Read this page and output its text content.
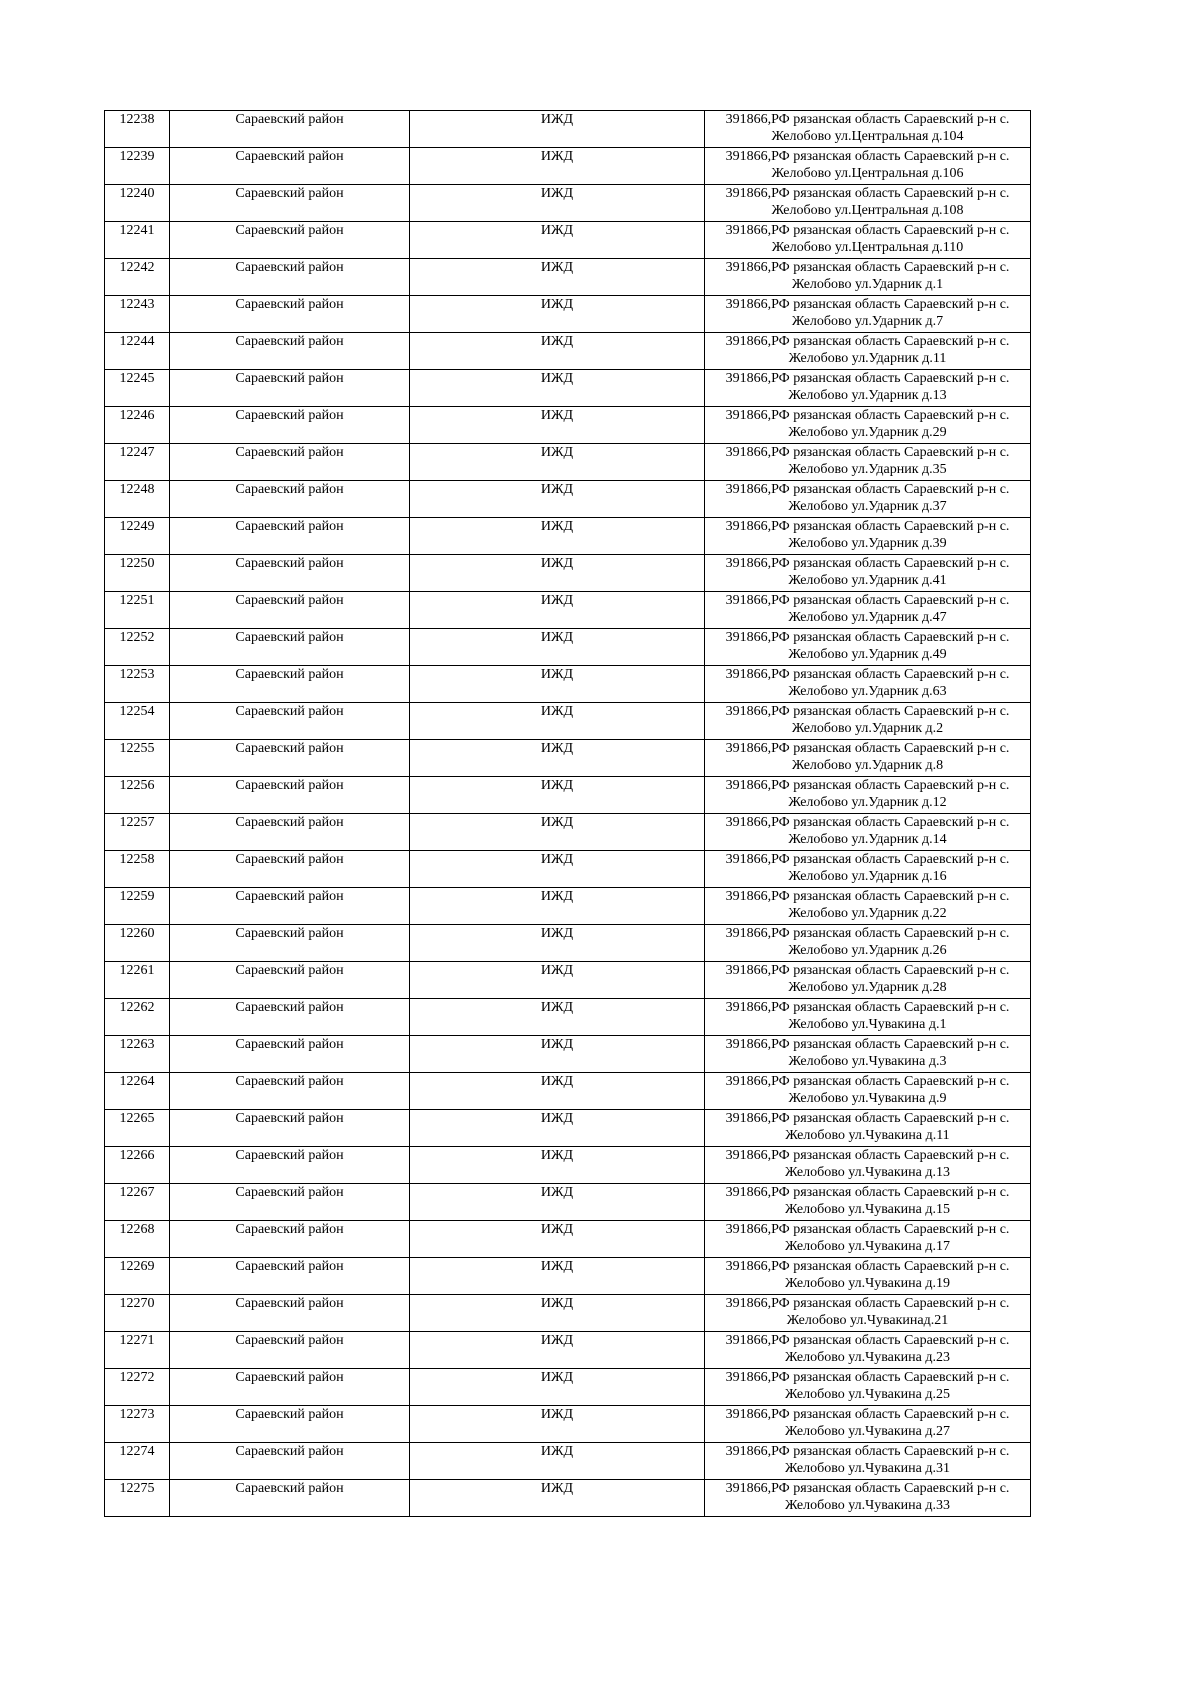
12238	Сараевский район	ИЖД	391866,РФ рязанская область Сараевский р-н с.
Желобово ул.Центральная д.104

12239	Сараевский район	ИЖД	391866,РФ рязанская область Сараевский р-н с.
Желобово ул.Центральная д.106

12240	Сараевский район	ИЖД	391866,РФ рязанская область Сараевский р-н с.
Желобово ул.Центральная д.108

12241	Сараевский район	ИЖД	391866,РФ рязанская область Сараевский р-н с.
Желобово ул.Центральная д.110

12242	Сараевский район	ИЖД	391866,РФ рязанская область Сараевский р-н с.
Желобово ул.Ударник д.1

12243	Сараевский район	ИЖД	391866,РФ рязанская область Сараевский р-н с.
Желобово ул.Ударник д.7

12244	Сараевский район	ИЖД	391866,РФ рязанская область Сараевский р-н с.
Желобово ул.Ударник д.11

12245	Сараевский район	ИЖД	391866,РФ рязанская область Сараевский р-н с.
Желобово ул.Ударник д.13

12246	Сараевский район	ИЖД	391866,РФ рязанская область Сараевский р-н с.
Желобово ул.Ударник д.29

12247	Сараевский район	ИЖД	391866,РФ рязанская область Сараевский р-н с.
Желобово ул.Ударник д.35

12248	Сараевский район	ИЖД	391866,РФ рязанская область Сараевский р-н с.
Желобово ул.Ударник д.37

12249	Сараевский район	ИЖД	391866,РФ рязанская область Сараевский р-н с.
Желобово ул.Ударник д.39

12250	Сараевский район	ИЖД	391866,РФ рязанская область Сараевский р-н с.
Желобово ул.Ударник д.41

12251	Сараевский район	ИЖД	391866,РФ рязанская область Сараевский р-н с.
Желобово ул.Ударник д.47

12252	Сараевский район	ИЖД	391866,РФ рязанская область Сараевский р-н с.
Желобово ул.Ударник д.49

12253	Сараевский район	ИЖД	391866,РФ рязанская область Сараевский р-н с.
Желобово ул.Ударник д.63

12254	Сараевский район	ИЖД	391866,РФ рязанская область Сараевский р-н с.
Желобово ул.Ударник д.2

12255	Сараевский район	ИЖД	391866,РФ рязанская область Сараевский р-н с.
Желобово ул.Ударник д.8

12256	Сараевский район	ИЖД	391866,РФ рязанская область Сараевский р-н с.
Желобово ул.Ударник д.12

12257	Сараевский район	ИЖД	391866,РФ рязанская область Сараевский р-н с.
Желобово ул.Ударник д.14

12258	Сараевский район	ИЖД	391866,РФ рязанская область Сараевский р-н с.
Желобово ул.Ударник д.16

12259	Сараевский район	ИЖД	391866,РФ рязанская область Сараевский р-н с.
Желобово ул.Ударник д.22

12260	Сараевский район	ИЖД	391866,РФ рязанская область Сараевский р-н с.
Желобово ул.Ударник д.26

12261	Сараевский район	ИЖД	391866,РФ рязанская область Сараевский р-н с.
Желобово ул.Ударник д.28

12262	Сараевский район	ИЖД	391866,РФ рязанская область Сараевский р-н с.
Желобово ул.Чувакина д.1

12263	Сараевский район	ИЖД	391866,РФ рязанская область Сараевский р-н с.
Желобово ул.Чувакина д.3

12264	Сараевский район	ИЖД	391866,РФ рязанская область Сараевский р-н с.
Желобово ул.Чувакина д.9

12265	Сараевский район	ИЖД	391866,РФ рязанская область Сараевский р-н с.
Желобово ул.Чувакина д.11

12266	Сараевский район	ИЖД	391866,РФ рязанская область Сараевский р-н с.
Желобово ул.Чувакина д.13

12267	Сараевский район	ИЖД	391866,РФ рязанская область Сараевский р-н с.
Желобово ул.Чувакина д.15

12268	Сараевский район	ИЖД	391866,РФ рязанская область Сараевский р-н с.
Желобово ул.Чувакина д.17

12269	Сараевский район	ИЖД	391866,РФ рязанская область Сараевский р-н с.
Желобово ул.Чувакина д.19

12270	Сараевский район	ИЖД	391866,РФ рязанская область Сараевский р-н с.
Желобово ул.Чувакинад.21

12271	Сараевский район	ИЖД	391866,РФ рязанская область Сараевский р-н с.
Желобово ул.Чувакина д.23

12272	Сараевский район	ИЖД	391866,РФ рязанская область Сараевский р-н с.
Желобово ул.Чувакина д.25

12273	Сараевский район	ИЖД	391866,РФ рязанская область Сараевский р-н с.
Желобово ул.Чувакина д.27

12274	Сараевский район	ИЖД	391866,РФ рязанская область Сараевский р-н с.
Желобово ул.Чувакина д.31

12275	Сараевский район	ИЖД	391866,РФ рязанская область Сараевский р-н с.
Желобово ул.Чувакина д.33
